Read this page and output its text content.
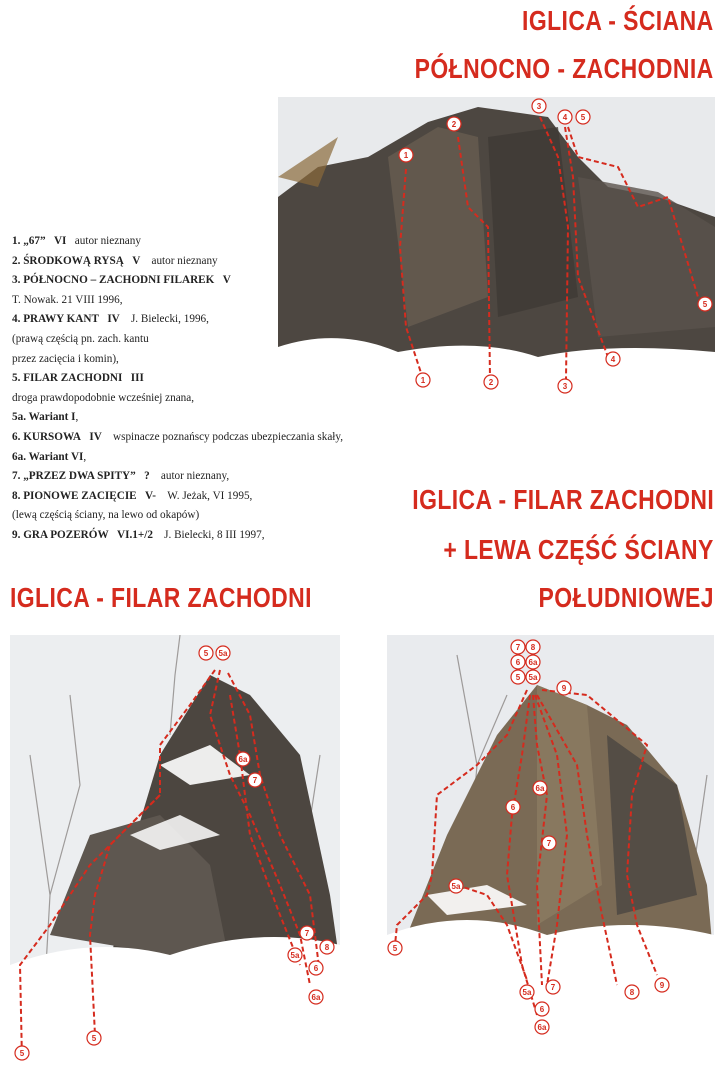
IGLICA - ŚCIANA
PÓŁNOCNO - ZACHODNIA
IGLICA - FILAR ZACHODNI
+ LEWA CZĘŚĆ ŚCIANY
POŁUDNIOWEJ
IGLICA - FILAR ZACHODNI
1
2
3
4 5
1	2	3
4
5
1. „67” VI autor nieznany
2. ŚRODKOWĄ RYSĄ V autor nieznany
3. PÓŁNOCNO – ZACHODNI FILAREK V
T. Nowak. 21 VIII 1996,
4. PRAWY KANT IV J. Bielecki, 1996,
(prawą częścią pn. zach. kantu
przez zacięcia i komin),
5. FILAR ZACHODNI III
droga prawdopodobnie wcześniej znana,
5a. Wariant I,
6. KURSOWA IV wspinacze poznańscy podczas ubezpieczania skały,
6a. Wariant VI,
7. „PRZEZ DWA SPITY” ? autor nieznany,
8. PIONOWE ZACIĘCIE V- W. Jeżak, VI 1995,
(lewą częścią ściany, na lewo od okapów)
9. GRA POZERÓW VI.1+/2 J. Bielecki, 8 III 1997,
5 5a
6a
7
7
8
5a
6
6a
5
5
7 8
6 6a
5 5a
9
6a
6
7
5a
5
5a
7
6
6a
8
9
